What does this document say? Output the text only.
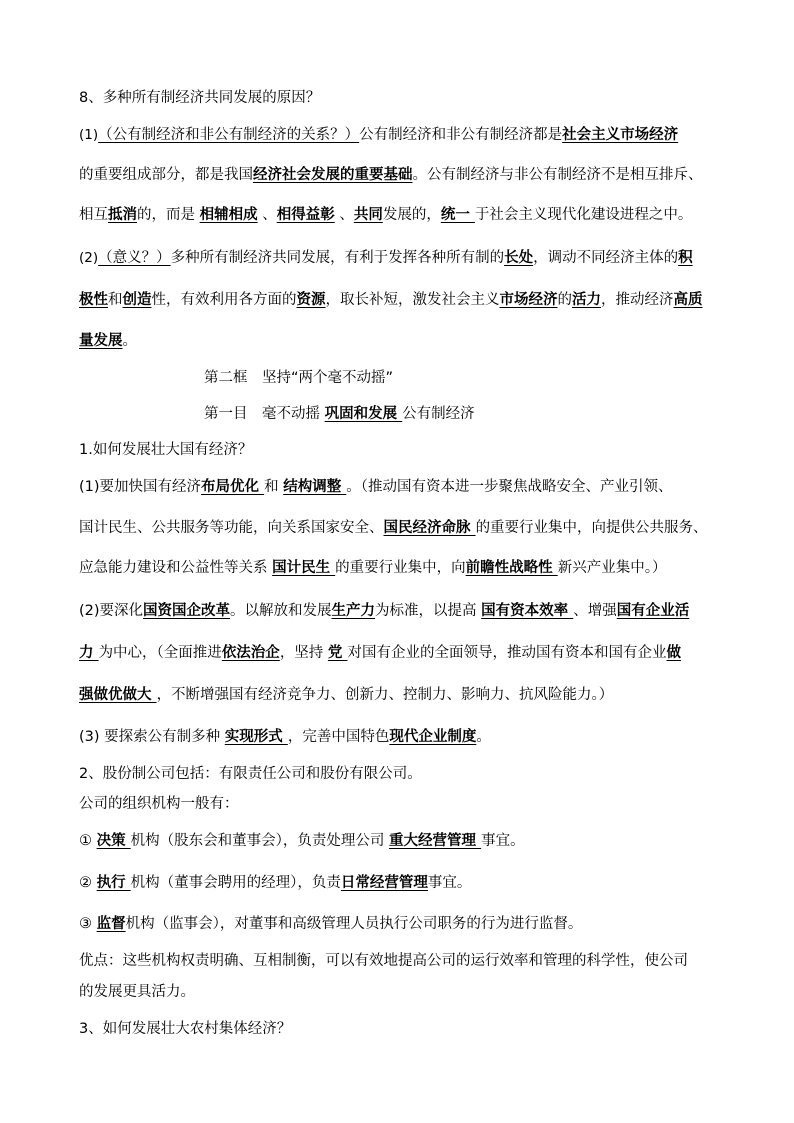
8、多种所有制经济共同发展的原因？
(1)（公有制经济和非公有制经济的关系？）公有制经济和非公有制经济都是社会主义市场经济
的重要组成部分，都是我国经济社会发展的重要基础。公有制经济与非公有制经济不是相互排斥、
相互抵消的，而是 相辅相成 、相得益彰 、共同发展的，统一 于社会主义现代化建设进程之中。
(2)（意义？）多种所有制经济共同发展，有利于发挥各种所有制的长处，调动不同经济主体的积
极性和创造性，有效利用各方面的资源，取长补短，激发社会主义市场经济的活力，推动经济高质
量发展。
第二框　坚持“两个毫不动摇”
第一目　毫不动摇 巩固和发展 公有制经济
1.如何发展壮大国有经济？
(1)要加快国有经济布局优化 和 结构调整 。（推动国有资本进一步聚焦战略安全、产业引领、
国计民生、公共服务等功能，向关系国家安全、国民经济命脉 的重要行业集中，向提供公共服务、
应急能力建设和公益性等关系 国计民生 的重要行业集中，向前瞻性战略性 新兴产业集中。）
(2)要深化国资国企改革。以解放和发展生产力为标准，以提高 国有资本效率 、增强国有企业活
力 为中心，（全面推进依法治企，坚持 党 对国有企业的全面领导，推动国有资本和国有企业做
强做优做大 ，不断增强国有经济竞争力、创新力、控制力、影响力、抗风险能力。）
(3) 要探索公有制多种 实现形式 ，完善中国特色现代企业制度。
2、股份制公司包括：有限责任公司和股份有限公司。
公司的组织机构一般有：
① 决策 机构（股东会和董事会），负责处理公司 重大经营管理 事宜。
② 执行 机构（董事会聘用的经理），负责日常经营管理事宜。
③ 监督机构（监事会），对董事和高级管理人员执行公司职务的行为进行监督。
优点：这些机构权责明确、互相制衡，可以有效地提高公司的运行效率和管理的科学性，使公司
的发展更具活力。
3、如何发展壮大农村集体经济？
